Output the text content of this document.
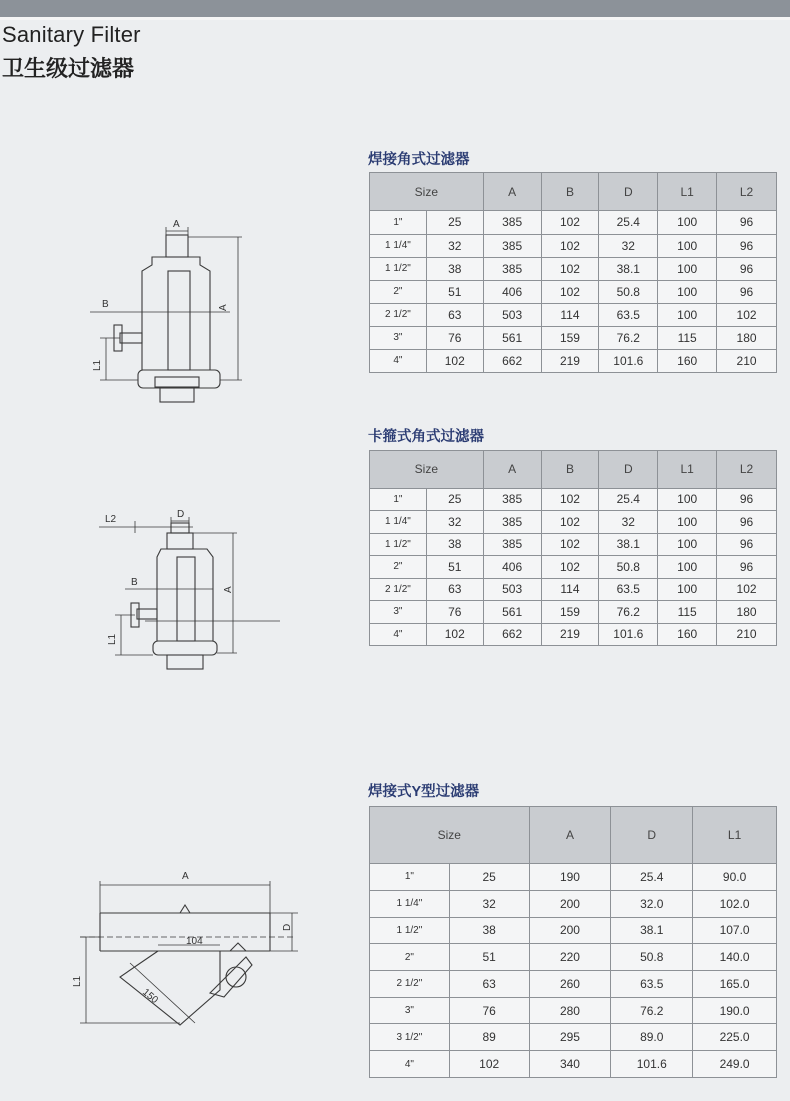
Sanitary Filter
卫生级过滤器
A
A
B
L1
L2	D
A
B
L1
A
D
L1
104
150
焊接角式过滤器
Size		A	B	D	L1	L2
1"	25	385	102	25.4	100	96
1 1/4"	32	385	102	32	100	96
1 1/2"	38	385	102	38.1	100	96
2"	51	406	102	50.8	100	96
2 1/2"	63	503	114	63.5	100	102
3"	76	561	159	76.2	115	180
4"	102	662	219	101.6	160	210
卡箍式角式过滤器
Size		A	B	D	L1	L2
1"	25	385	102	25.4	100	96
1 1/4"	32	385	102	32	100	96
1 1/2"	38	385	102	38.1	100	96
2"	51	406	102	50.8	100	96
2 1/2"	63	503	114	63.5	100	102
3"	76	561	159	76.2	115	180
4"	102	662	219	101.6	160	210
焊接式Y型过滤器
Size		A	D	L1
1"	25	190	25.4	90.0
1 1/4"	32	200	32.0	102.0
1 1/2"	38	200	38.1	107.0
2"	51	220	50.8	140.0
2 1/2"	63	260	63.5	165.0
3"	76	280	76.2	190.0
3 1/2"	89	295	89.0	225.0
4"	102	340	101.6	249.0
